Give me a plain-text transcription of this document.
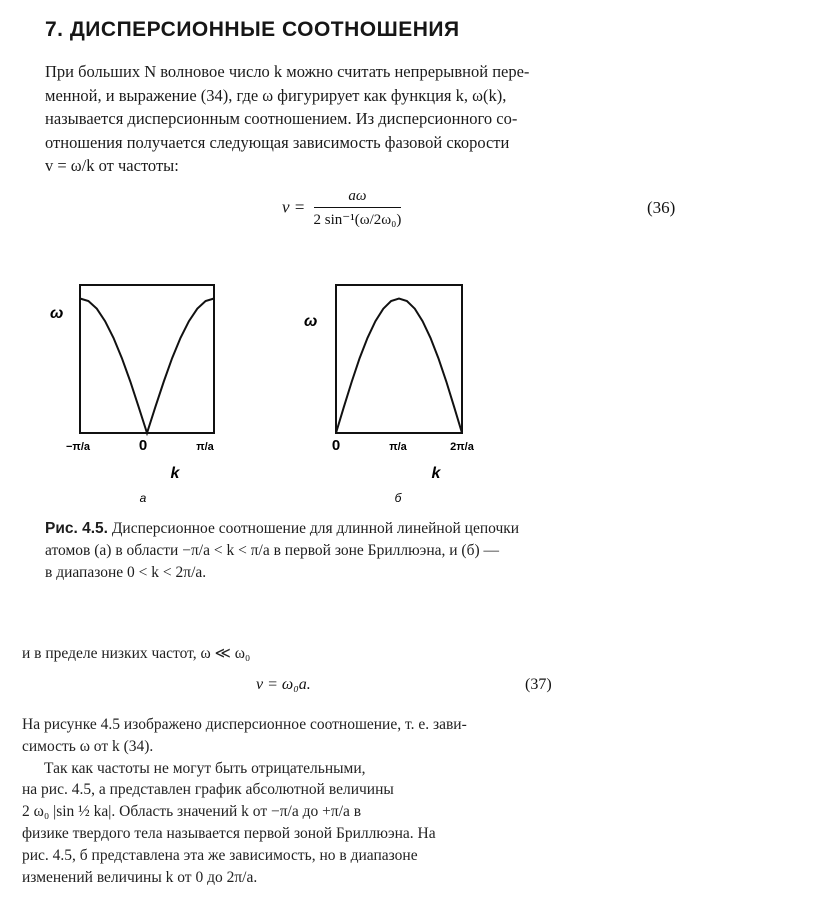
7. ДИСПЕРСИОННЫЕ СООТНОШЕНИЯ
При больших N волновое число k можно считать непрерывной пере-
менной, и выражение (34), где ω фигурирует как функция k, ω(k),
называется дисперсионным соотношением. Из дисперсионного со-
отношения получается следующая зависимость фазовой скорости
v = ω/k от частоты:
$v = \frac{a\omega}{\text{2 sin⁻¹(ω/2ω₀)}}$	(36)
ω
−π/a	0	π/a
k
а
ω
0	π/a	2π/a
k
б
Рис. 4.5. Дисперсионное соотношение для длинной линейной цепочки
атомов (а) в области −π/a < k < π/a в первой зоне Бриллюэна, и (б) —
в диапазоне 0 < k < 2π/a.
и в пределе низких частот, ω ≪ ω₀
v = ω₀a.	(37)
На рисунке 4.5 изображено дисперсионное соотношение, т. е. зави-
симость ω от k (34).
Так как частоты не могут быть отрицательными,
на рис. 4.5, а представлен график абсолютной величины
2 ω₀ |sin ½ ka|. Область значений k от −π/a до +π/a в
физике твердого тела называется первой зоной Бриллюэна. На
рис. 4.5, б представлена эта же зависимость, но в диапазоне
изменений величины k от 0 до 2π/a.
